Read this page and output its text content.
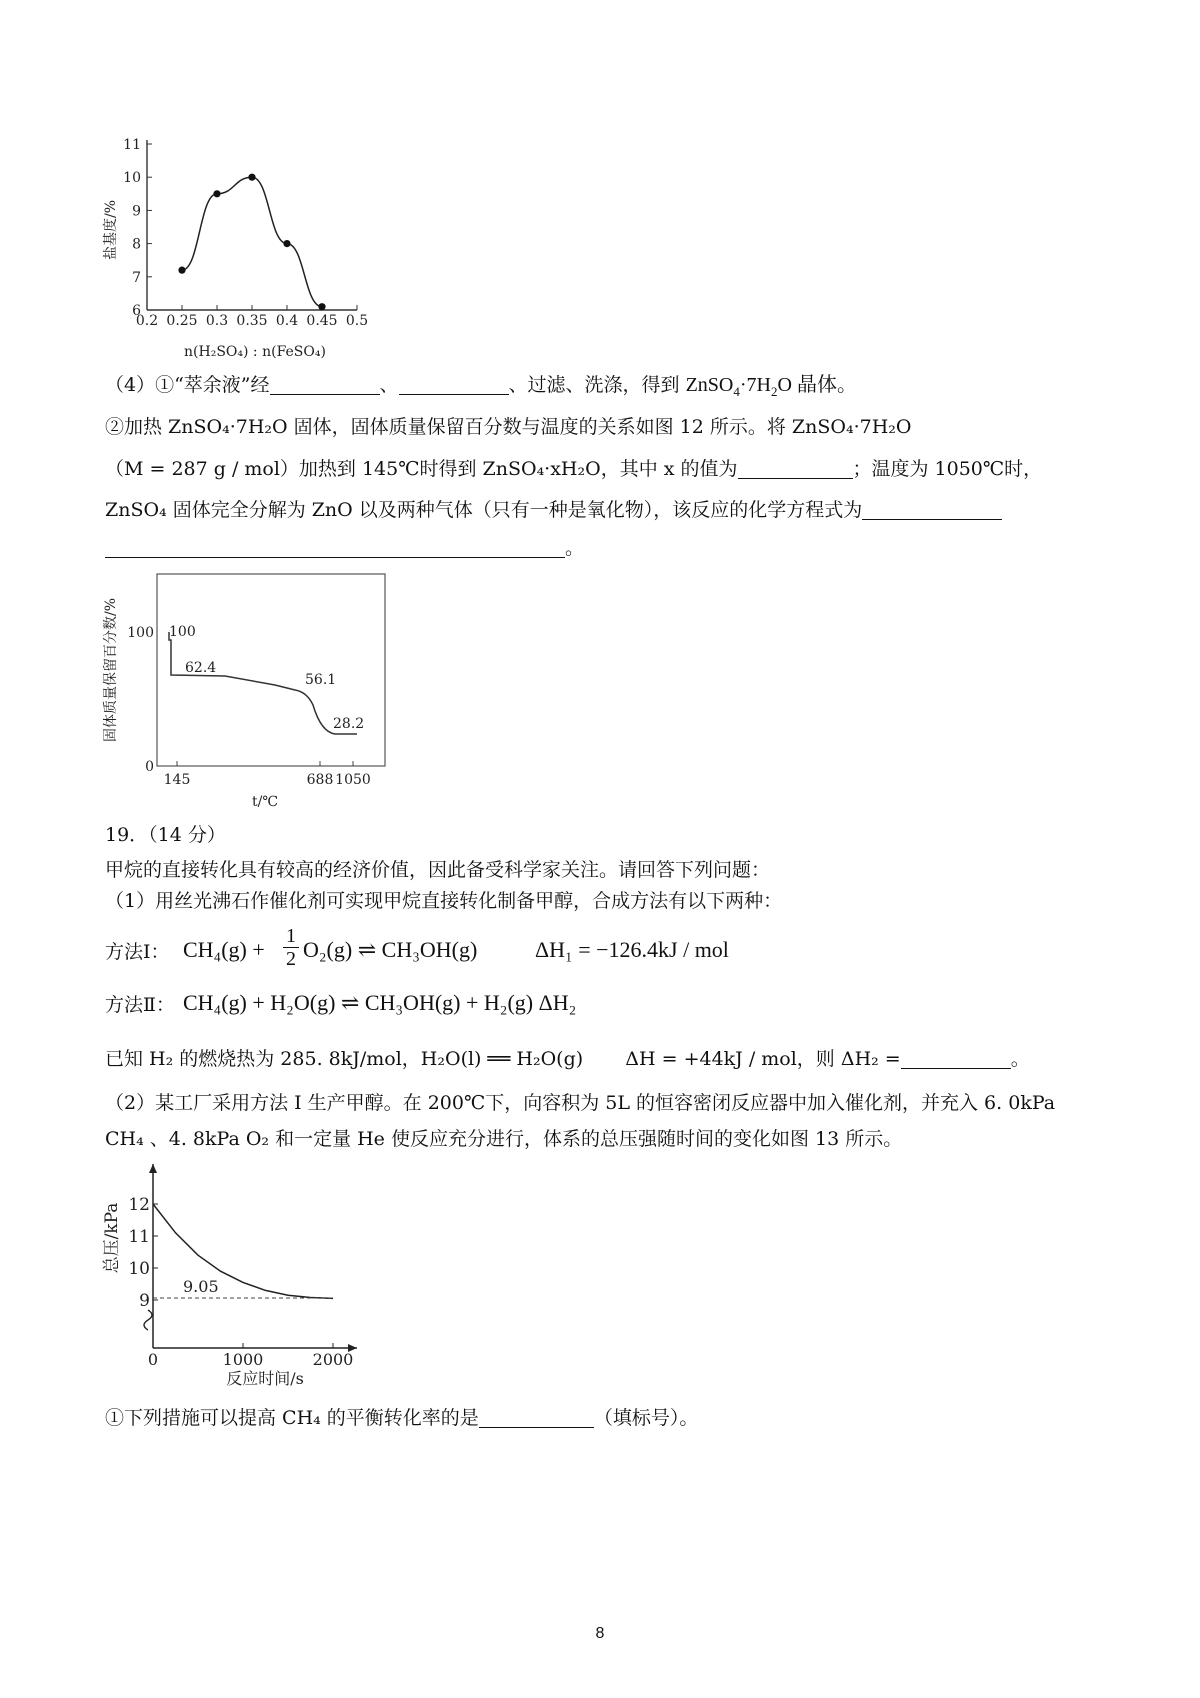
0.2 0.25 0.3 0.35 0.4 0.45 0.5
6
7
8
9
10
11
盐基度/%
n(H₂SO₄) : n(FeSO₄)
（4）①“萃余液”经	、	、过滤、洗涤，得到 $ZnSO_4\cdot 7H_2O$ 晶体。
②加热 ZnSO₄·7H₂O 固体，固体质量保留百分数与温度的关系如图 12 所示。将 ZnSO₄·7H₂O
（M = 287 g / mol）加热到 145℃时得到 ZnSO₄·xH₂O，其中 x 的值为	；温度为 1050℃时，
ZnSO₄ 固体完全分解为 ZnO 以及两种气体（只有一种是氧化物），该反应的化学方程式为
。
145	688 1050
0
100 100
62.4
56.1
28.2
固体质量保留百分数/%
t/℃
19．（14 分）
甲烷的直接转化具有较高的经济价值，因此备受科学家关注。请回答下列问题：
（1）用丝光沸石作催化剂可实现甲烷直接转化制备甲醇，合成方法有以下两种：
方法Ⅰ： $CH_4(g) + \frac{1}{2} O_2(g)$ ⇌ CH₃OH(g)	ΔH₁ = −126.4kJ / mol
方法Ⅱ： CH₄(g) + H₂O(g) ⇌ CH₃OH(g) + H₂(g) ΔH₂
已知 H₂ 的燃烧热为 285. 8kJ/mol，H₂O(l) ══ H₂O(g) ΔH = +44kJ / mol，则 ΔH₂ =	。
（2）某工厂采用方法 I 生产甲醇。在 200℃下，向容积为 5L 的恒容密闭反应器中加入催化剂，并充入 6. 0kPa
CH₄ 、4. 8kPa O₂ 和一定量 He 使反应充分进行，体系的总压强随时间的变化如图 13 所示。
0	1000	2000
9
10
11
12
9.05
总压/kPa
反应时间/s
①下列措施可以提高 CH₄ 的平衡转化率的是	（填标号）。
8
